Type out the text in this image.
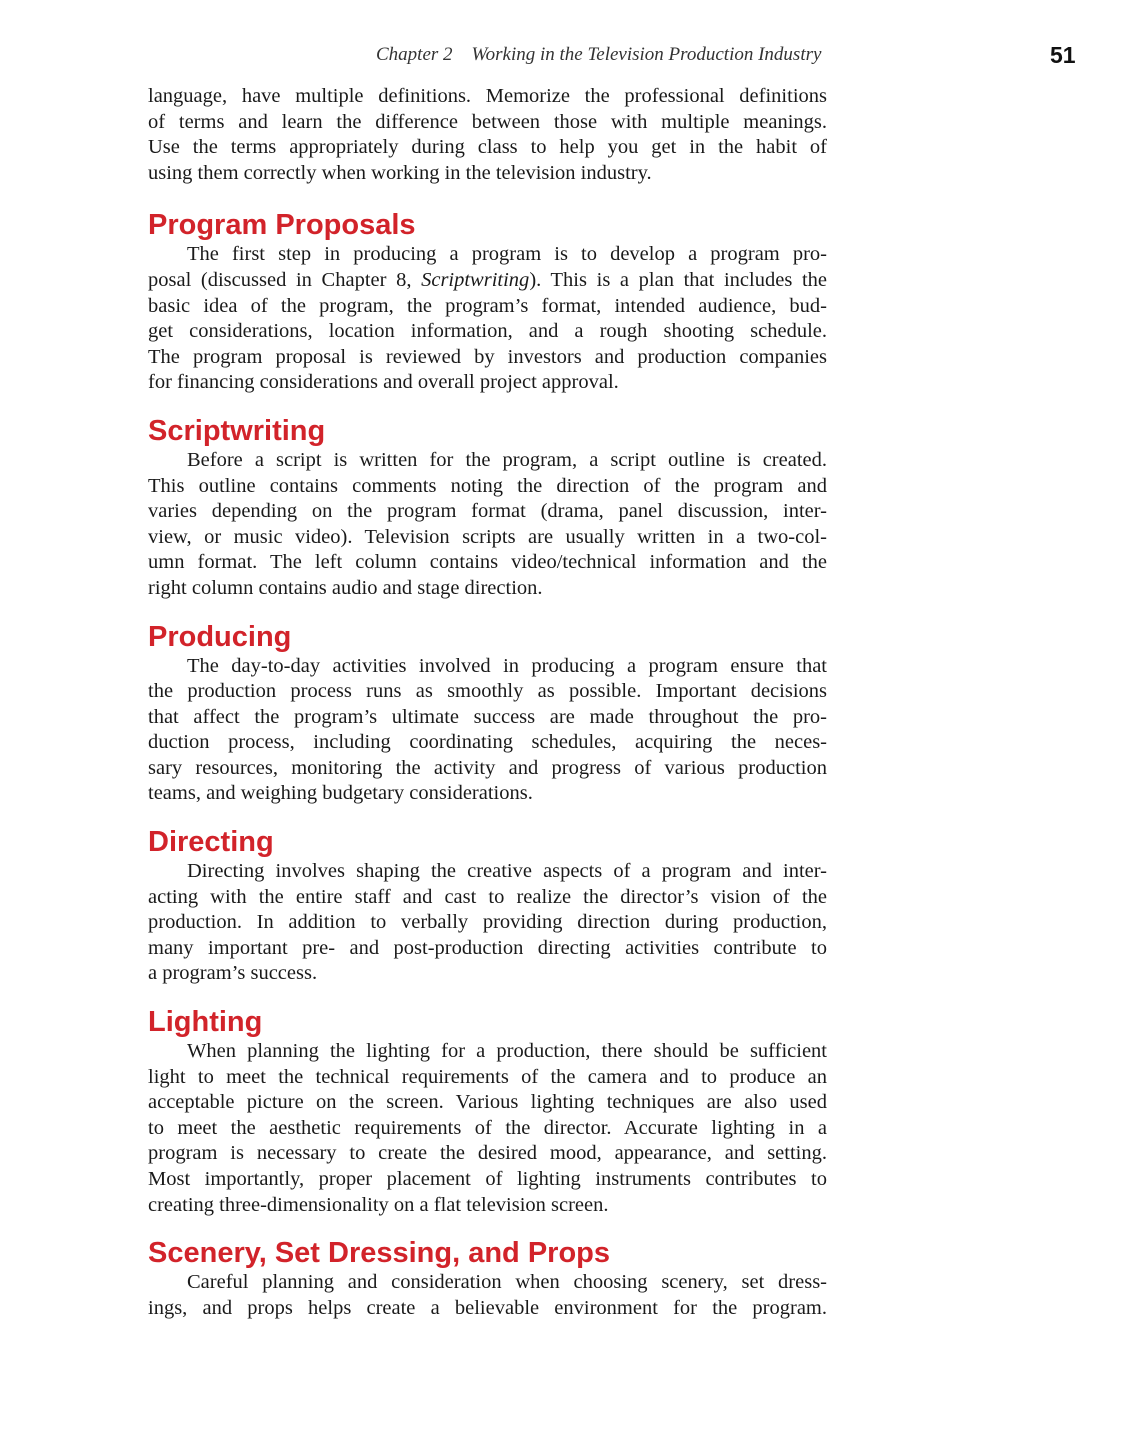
Chapter 2    Working in the Television Production Industry	51
language, have multiple definitions. Memorize the professional definitions
of terms and learn the difference between those with multiple meanings.
Use the terms appropriately during class to help you get in the habit of
using them correctly when working in the television industry.
Program Proposals
The first step in producing a program is to develop a program pro-
posal (discussed in Chapter 8, Scriptwriting). This is a plan that includes the
basic idea of the program, the program’s format, intended audience, bud-
get considerations, location information, and a rough shooting schedule.
The program proposal is reviewed by investors and production companies
for financing considerations and overall project approval.
Scriptwriting
Before a script is written for the program, a script outline is created.
This outline contains comments noting the direction of the program and
varies depending on the program format (drama, panel discussion, inter-
view, or music video). Television scripts are usually written in a two-col-
umn format. The left column contains video/technical information and the
right column contains audio and stage direction.
Producing
The day-to-day activities involved in producing a program ensure that
the production process runs as smoothly as possible. Important decisions
that affect the program’s ultimate success are made throughout the pro-
duction process, including coordinating schedules, acquiring the neces-
sary resources, monitoring the activity and progress of various production
teams, and weighing budgetary considerations.
Directing
Directing involves shaping the creative aspects of a program and inter-
acting with the entire staff and cast to realize the director’s vision of the
production. In addition to verbally providing direction during production,
many important pre- and post-production directing activities contribute to
a program’s success.
Lighting
When planning the lighting for a production, there should be sufficient
light to meet the technical requirements of the camera and to produce an
acceptable picture on the screen. Various lighting techniques are also used
to meet the aesthetic requirements of the director. Accurate lighting in a
program is necessary to create the desired mood, appearance, and setting.
Most importantly, proper placement of lighting instruments contributes to
creating three-dimensionality on a flat television screen.
Scenery, Set Dressing, and Props
Careful planning and consideration when choosing scenery, set dress-
ings, and props helps create a believable environment for the program.
